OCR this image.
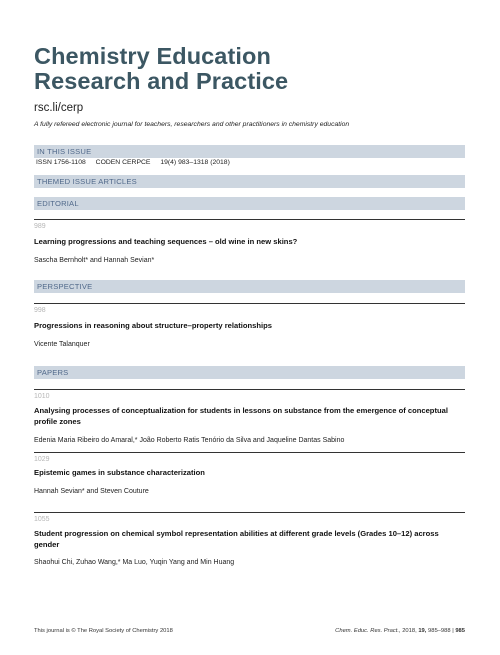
Chemistry Education
Research and Practice
rsc.li/cerp
A fully refereed electronic journal for teachers, researchers and other practitioners in chemistry education
IN THIS ISSUE
ISSN 1756-1108 CODEN CERPCE 19(4) 983–1318 (2018)
THEMED ISSUE ARTICLES
EDITORIAL
989
Learning progressions and teaching sequences – old wine in new skins?
Sascha Bernholt* and Hannah Sevian*
PERSPECTIVE
998
Progressions in reasoning about structure–property relationships
Vicente Talanquer
PAPERS
1010
Analysing processes of conceptualization for students in lessons on substance from the emergence of conceptual profile zones
Edenia Maria Ribeiro do Amaral,* João Roberto Ratis Tenório da Silva and Jaqueline Dantas Sabino
1029
Epistemic games in substance characterization
Hannah Sevian* and Steven Couture
1055
Student progression on chemical symbol representation abilities at different grade levels (Grades 10–12) across gender
Shaohui Chi, Zuhao Wang,* Ma Luo, Yuqin Yang and Min Huang
This journal is © The Royal Society of Chemistry 2018	Chem. Educ. Res. Pract., 2018, 19, 985–988 | 985
